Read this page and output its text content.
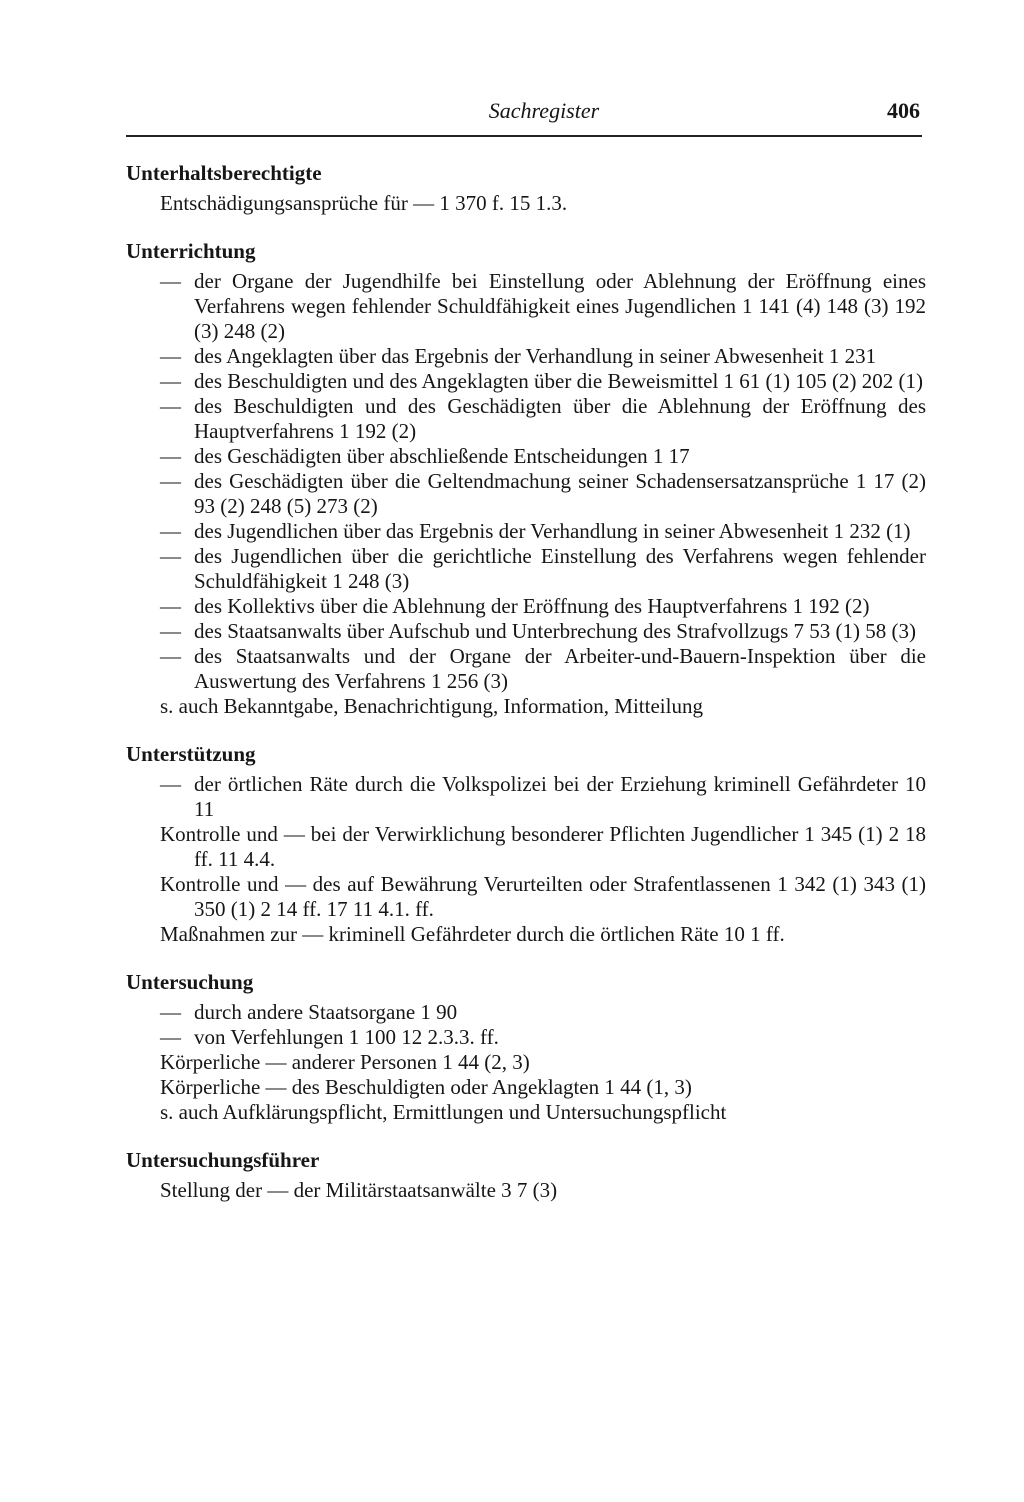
Sachregister	406
Unterhaltsberechtigte
Entschädigungsansprüche für — 1 370 f. 15 1.3.
Unterrichtung
— der Organe der Jugendhilfe bei Einstellung oder Ablehnung der Eröffnung eines Verfahrens wegen fehlender Schuldfähigkeit eines Jugendlichen 1 141 (4) 148 (3) 192 (3) 248 (2)
— des Angeklagten über das Ergebnis der Verhandlung in seiner Abwesenheit 1 231
— des Beschuldigten und des Angeklagten über die Beweismittel 1 61 (1) 105 (2) 202 (1)
— des Beschuldigten und des Geschädigten über die Ablehnung der Eröffnung des Hauptverfahrens 1 192 (2)
— des Geschädigten über abschließende Entscheidungen 1 17
— des Geschädigten über die Geltendmachung seiner Schadensersatzansprüche 1 17 (2) 93 (2) 248 (5) 273 (2)
— des Jugendlichen über das Ergebnis der Verhandlung in seiner Abwesenheit 1 232 (1)
— des Jugendlichen über die gerichtliche Einstellung des Verfahrens wegen fehlender Schuldfähigkeit 1 248 (3)
— des Kollektivs über die Ablehnung der Eröffnung des Hauptverfahrens 1 192 (2)
— des Staatsanwalts über Aufschub und Unterbrechung des Strafvollzugs 7 53 (1) 58 (3)
— des Staatsanwalts und der Organe der Arbeiter-und-Bauern-Inspektion über die Auswertung des Verfahrens 1 256 (3)
s. auch Bekanntgabe, Benachrichtigung, Information, Mitteilung
Unterstützung
— der örtlichen Räte durch die Volkspolizei bei der Erziehung kriminell Gefährdeter 10 11
Kontrolle und — bei der Verwirklichung besonderer Pflichten Jugendlicher 1 345 (1) 2 18 ff. 11 4.4.
Kontrolle und — des auf Bewährung Verurteilten oder Strafentlassenen 1 342 (1) 343 (1) 350 (1) 2 14 ff. 17 11 4.1. ff.
Maßnahmen zur — kriminell Gefährdeter durch die örtlichen Räte 10 1 ff.
Untersuchung
— durch andere Staatsorgane 1 90
— von Verfehlungen 1 100 12 2.3.3. ff.
Körperliche — anderer Personen 1 44 (2, 3)
Körperliche — des Beschuldigten oder Angeklagten 1 44 (1, 3)
s. auch Aufklärungspflicht, Ermittlungen und Untersuchungspflicht
Untersuchungsführer
Stellung der — der Militärstaatsanwälte 3 7 (3)
